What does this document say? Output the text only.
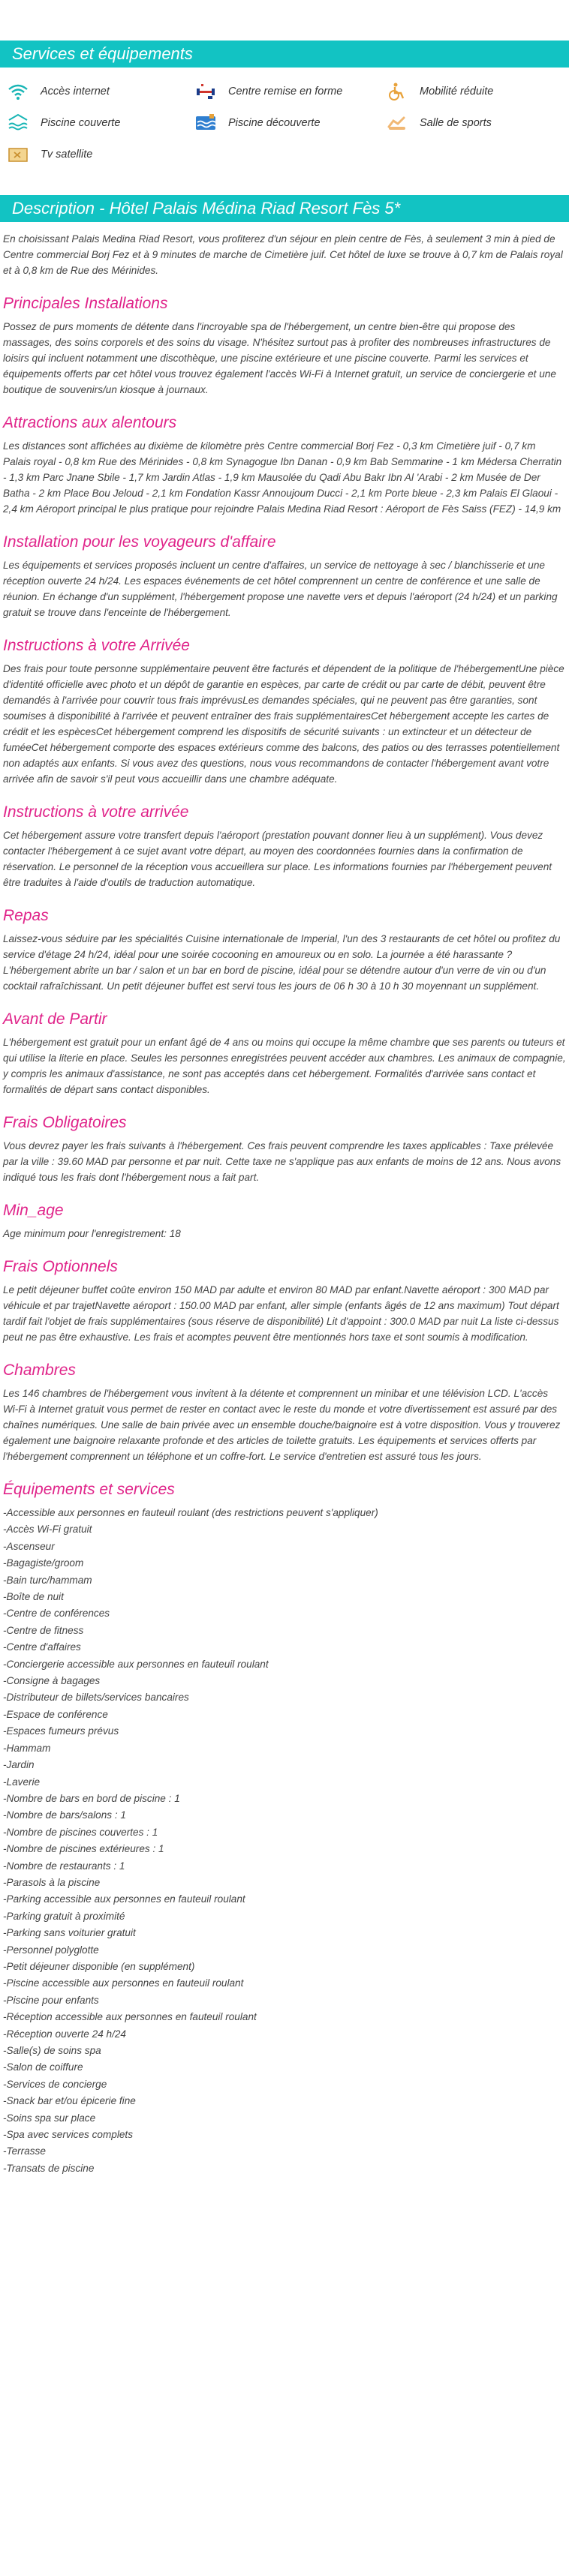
Services et équipements
Accès internet	Centre remise en forme	Mobilité réduite
Piscine couverte	Piscine découverte	Salle de sports
Tv satellite
Description - Hôtel Palais Médina Riad Resort Fès 5*

En choisissant Palais Medina Riad Resort, vous profiterez d'un séjour en plein centre de Fès, à seulement 3 min à pied de Centre commercial Borj Fez et à 9 minutes de marche de Cimetière juif. Cet hôtel de luxe se trouve à 0,7 km de Palais royal et à 0,8 km de Rue des Mérinides.

Principales Installations

Possez de purs moments de détente dans l'incroyable spa de l'hébergement, un centre bien-être qui propose des massages, des soins corporels et des soins du visage. N'hésitez surtout pas à profiter des nombreuses infrastructures de loisirs qui incluent notamment une discothèque, une piscine extérieure et une piscine couverte. Parmi les services et équipements offerts par cet hôtel vous trouvez également l'accès Wi-Fi à Internet gratuit, un service de conciergerie et une boutique de souvenirs/un kiosque à journaux.

Attractions aux alentours

Les distances sont affichées au dixième de kilomètre près Centre commercial Borj Fez - 0,3 km Cimetière juif - 0,7 km Palais royal - 0,8 km Rue des Mérinides - 0,8 km Synagogue Ibn Danan - 0,9 km Bab Semmarine - 1 km Médersa Cherratin - 1,3 km Parc Jnane Sbile - 1,7 km Jardin Atlas - 1,9 km Mausolée du Qadi Abu Bakr Ibn Al 'Arabi - 2 km Musée de Der Batha - 2 km Place Bou Jeloud - 2,1 km Fondation Kassr Annoujoum Ducci - 2,1 km Porte bleue - 2,3 km Palais El Glaoui - 2,4 km Aéroport principal le plus pratique pour rejoindre Palais Medina Riad Resort : Aéroport de Fès Saiss (FEZ) - 14,9 km

Installation pour les voyageurs d'affaire

Les équipements et services proposés incluent un centre d'affaires, un service de nettoyage à sec / blanchisserie et une réception ouverte 24 h/24. Les espaces événements de cet hôtel comprennent un centre de conférence et une salle de réunion. En échange d'un supplément, l'hébergement propose une navette vers et depuis l'aéroport (24 h/24) et un parking gratuit se trouve dans l'enceinte de l'hébergement.

Instructions à votre Arrivée

Des frais pour toute personne supplémentaire peuvent être facturés et dépendent de la politique de l'hébergementUne pièce d'identité officielle avec photo et un dépôt de garantie en espèces, par carte de crédit ou par carte de débit, peuvent être demandés à l'arrivée pour couvrir tous frais imprévusLes demandes spéciales, qui ne peuvent pas être garanties, sont soumises à disponibilité à l'arrivée et peuvent entraîner des frais supplémentairesCet hébergement accepte les cartes de crédit et les espècesCet hébergement comprend les dispositifs de sécurité suivants : un extincteur et un détecteur de fuméeCet hébergement comporte des espaces extérieurs comme des balcons, des patios ou des terrasses potentiellement non adaptés aux enfants. Si vous avez des questions, nous vous recommandons de contacter l'hébergement avant votre arrivée afin de savoir s'il peut vous accueillir dans une chambre adéquate.

Instructions à votre arrivée

Cet hébergement assure votre transfert depuis l'aéroport (prestation pouvant donner lieu à un supplément). Vous devez contacter l'hébergement à ce sujet avant votre départ, au moyen des coordonnées fournies dans la confirmation de réservation. Le personnel de la réception vous accueillera sur place. Les informations fournies par l'hébergement peuvent être traduites à l'aide d'outils de traduction automatique.

Repas

Laissez-vous séduire par les spécialités Cuisine internationale de Imperial, l'un des 3 restaurants de cet hôtel ou profitez du service d'étage 24 h/24, idéal pour une soirée cocooning en amoureux ou en solo. La journée a été harassante ? L'hébergement abrite un bar / salon et un bar en bord de piscine, idéal pour se détendre autour d'un verre de vin ou d'un cocktail rafraîchissant. Un petit déjeuner buffet est servi tous les jours de 06 h 30 à 10 h 30 moyennant un supplément.

Avant de Partir

L'hébergement est gratuit pour un enfant âgé de 4 ans ou moins qui occupe la même chambre que ses parents ou tuteurs et qui utilise la literie en place. Seules les personnes enregistrées peuvent accéder aux chambres. Les animaux de compagnie, y compris les animaux d'assistance, ne sont pas acceptés dans cet hébergement. Formalités d'arrivée sans contact et formalités de départ sans contact disponibles.

Frais Obligatoires

Vous devrez payer les frais suivants à l'hébergement. Ces frais peuvent comprendre les taxes applicables : Taxe prélevée par la ville : 39.60 MAD par personne et par nuit. Cette taxe ne s'applique pas aux enfants de moins de 12 ans. Nous avons indiqué tous les frais dont l'hébergement nous a fait part.

Min_age

Age minimum pour l'enregistrement: 18

Frais Optionnels

Le petit déjeuner buffet coûte environ 150 MAD par adulte et environ 80 MAD par enfant.Navette aéroport : 300 MAD par véhicule et par trajetNavette aéroport : 150.00 MAD par enfant, aller simple (enfants âgés de 12 ans maximum) Tout départ tardif fait l'objet de frais supplémentaires (sous réserve de disponibilité) Lit d'appoint : 300.0 MAD par nuit La liste ci-dessus peut ne pas être exhaustive. Les frais et acomptes peuvent être mentionnés hors taxe et sont soumis à modification.

Chambres

Les 146 chambres de l'hébergement vous invitent à la détente et comprennent un minibar et une télévision LCD. L'accès Wi-Fi à Internet gratuit vous permet de rester en contact avec le reste du monde et votre divertissement est assuré par des chaînes numériques. Une salle de bain privée avec un ensemble douche/baignoire est à votre disposition. Vous y trouverez également une baignoire relaxante profonde et des articles de toilette gratuits. Les équipements et services offerts par l'hébergement comprennent un téléphone et un coffre-fort. Le service d'entretien est assuré tous les jours.

Équipements et services
-Accessible aux personnes en fauteuil roulant (des restrictions peuvent s'appliquer)
-Accès Wi-Fi gratuit
-Ascenseur
-Bagagiste/groom
-Bain turc/hammam
-Boîte de nuit
-Centre de conférences
-Centre de fitness
-Centre d'affaires
-Conciergerie accessible aux personnes en fauteuil roulant
-Consigne à bagages
-Distributeur de billets/services bancaires
-Espace de conférence
-Espaces fumeurs prévus
-Hammam
-Jardin
-Laverie
-Nombre de bars en bord de piscine : 1
-Nombre de bars/salons : 1
-Nombre de piscines couvertes : 1
-Nombre de piscines extérieures : 1
-Nombre de restaurants : 1
-Parasols à la piscine
-Parking accessible aux personnes en fauteuil roulant
-Parking gratuit à proximité
-Parking sans voiturier gratuit
-Personnel polyglotte
-Petit déjeuner disponible (en supplément)
-Piscine accessible aux personnes en fauteuil roulant
-Piscine pour enfants
-Réception accessible aux personnes en fauteuil roulant
-Réception ouverte 24 h/24
-Salle(s) de soins spa
-Salon de coiffure
-Services de concierge
-Snack bar et/ou épicerie fine
-Soins spa sur place
-Spa avec services complets
-Terrasse
-Transats de piscine
